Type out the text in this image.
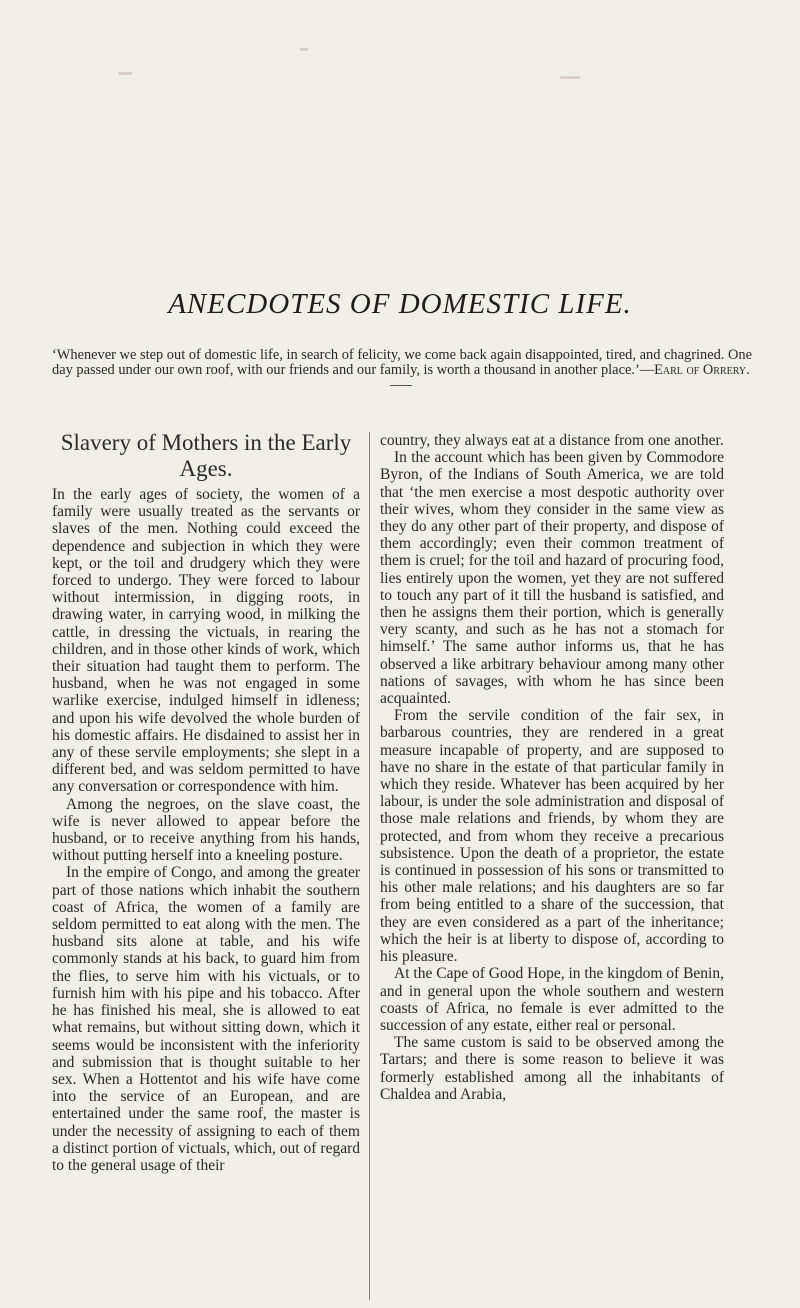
ANECDOTES OF DOMESTIC LIFE.
‘Whenever we step out of domestic life, in search of felicity, we come back again disappointed, tired, and chagrined. One day passed under our own roof, with our friends and our family, is worth a thousand in another place.’—Earl of Orrery.
Slavery of Mothers in the Early Ages.

In the early ages of society, the women of a family were usually treated as the servants or slaves of the men. Nothing could exceed the dependence and subjection in which they were kept, or the toil and drudgery which they were forced to undergo. They were forced to labour without intermission, in digging roots, in drawing water, in carrying wood, in milking the cattle, in dressing the victuals, in rearing the children, and in those other kinds of work, which their situation had taught them to perform. The husband, when he was not engaged in some warlike exercise, indulged himself in idleness; and upon his wife devolved the whole burden of his domestic affairs. He disdained to assist her in any of these servile employments; she slept in a different bed, and was seldom permitted to have any conversation or correspondence with him.

Among the negroes, on the slave coast, the wife is never allowed to appear before the husband, or to receive anything from his hands, without putting herself into a kneeling posture.

In the empire of Congo, and among the greater part of those nations which inhabit the southern coast of Africa, the women of a family are seldom permitted to eat along with the men. The husband sits alone at table, and his wife commonly stands at his back, to guard him from the flies, to serve him with his victuals, or to furnish him with his pipe and his tobacco. After he has finished his meal, she is allowed to eat what remains, but without sitting down, which it seems would be inconsistent with the inferiority and submission that is thought suitable to her sex. When a Hottentot and his wife have come into the service of an European, and are entertained under the same roof, the master is under the necessity of assigning to each of them a distinct portion of victuals, which, out of regard to the general usage of their

country, they always eat at a distance from one another.

In the account which has been given by Commodore Byron, of the Indians of South America, we are told that ‘the men exercise a most despotic authority over their wives, whom they consider in the same view as they do any other part of their property, and dispose of them accordingly; even their common treatment of them is cruel; for the toil and hazard of procuring food, lies entirely upon the women, yet they are not suffered to touch any part of it till the husband is satisfied, and then he assigns them their portion, which is generally very scanty, and such as he has not a stomach for himself.’ The same author informs us, that he has observed a like arbitrary behaviour among many other nations of savages, with whom he has since been acquainted.

From the servile condition of the fair sex, in barbarous countries, they are rendered in a great measure incapable of property, and are supposed to have no share in the estate of that particular family in which they reside. Whatever has been acquired by her labour, is under the sole administration and disposal of those male relations and friends, by whom they are protected, and from whom they receive a precarious subsistence. Upon the death of a proprietor, the estate is continued in possession of his sons or transmitted to his other male relations; and his daughters are so far from being entitled to a share of the succession, that they are even considered as a part of the inheritance; which the heir is at liberty to dispose of, according to his pleasure.

At the Cape of Good Hope, in the kingdom of Benin, and in general upon the whole southern and western coasts of Africa, no female is ever admitted to the succession of any estate, either real or personal.

The same custom is said to be observed among the Tartars; and there is some reason to believe it was formerly established among all the inhabitants of Chaldea and Arabia,
